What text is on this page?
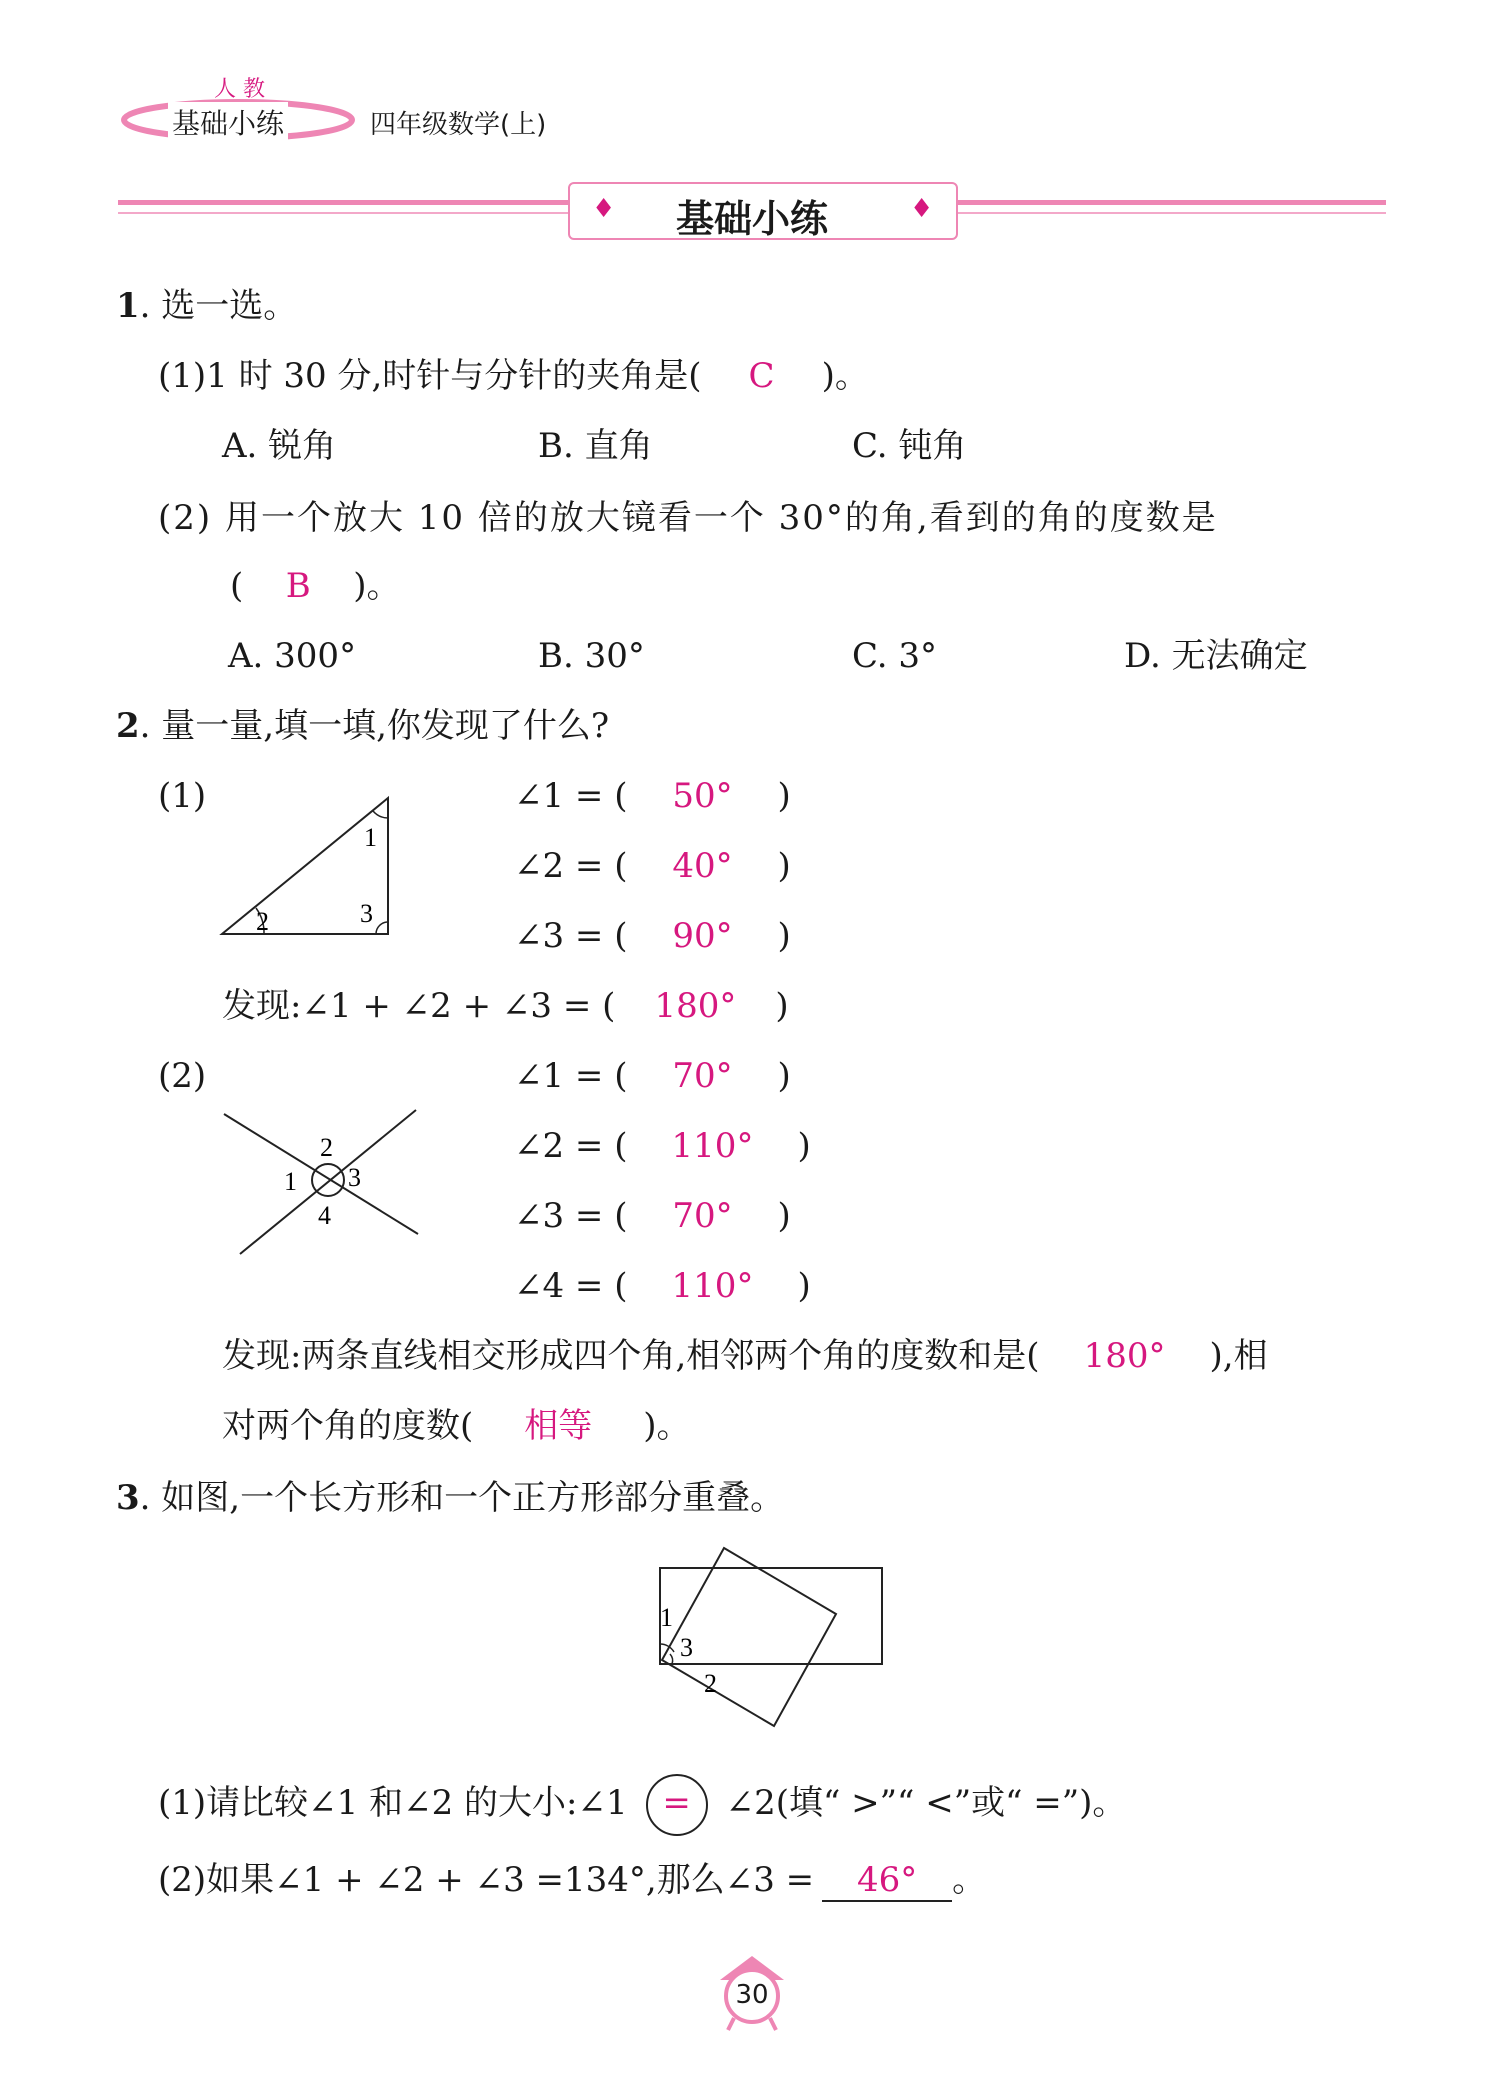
人 教
基础小练	四年级数学(上)
♦ 基础小练	♦
1. 选一选。
(1)1 时 30 分,时针与分针的夹角是( C )。
A. 锐角	B. 直角	C. 钝角
(2) 用一个放大 10 倍的放大镜看一个 30°的角,看到的角的度数是
( B )。
A. 300°	B. 30°	C. 3°	D. 无法确定
2. 量一量,填一填,你发现了什么?
(1)
1
2	3
∠1 = ( 50° )
∠2 = ( 40° )
∠3 = ( 90° )
发现:∠1 + ∠2 + ∠3 = ( 180° )
(2)
2
1 3
4
∠1 = ( 70° )
∠2 = ( 110° )
∠3 = ( 70° )
∠4 = ( 110° )
发现:两条直线相交形成四个角,相邻两个角的度数和是( 180° ),相
对两个角的度数( 相等 )。
3. 如图,一个长方形和一个正方形部分重叠。
1
3
2
(1)请比较∠1 和∠2 的大小:∠1 = ∠2(填“ >”“ <”或“ =”)。
(2)如果∠1 + ∠2 + ∠3 =134°,那么∠3 = 46° 。
30
